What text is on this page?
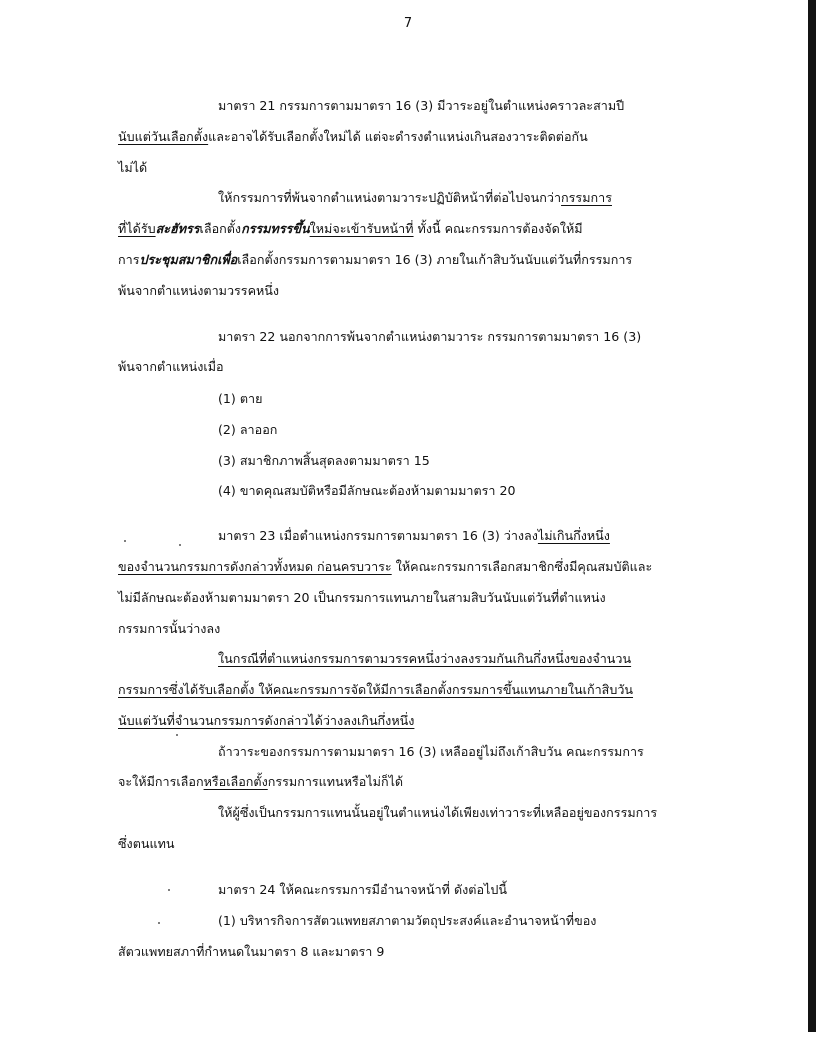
7
มาตรา 21 กรรมการตามมาตรา 16 (3) มีวาระอยู่ในตำแหน่งคราวละสามปี
นับแต่วันเลือกตั้งและอาจได้รับเลือกตั้งใหม่ได้ แต่จะดำรงตำแหน่งเกินสองวาระติดต่อกัน
ไม่ได้
ให้กรรมการที่พ้นจากตำแหน่งตามวาระปฏิบัติหน้าที่ต่อไปจนกว่ากรรมการ
ที่ได้รับสะฮัทรรเลือกตั้งกรรมทรรขึ้นใหม่จะเข้ารับหน้าที่ ทั้งนี้ คณะกรรมการต้องจัดให้มี
การประชุมสมาชิกเพื่อเลือกตั้งกรรมการตามมาตรา 16 (3) ภายในเก้าสิบวันนับแต่วันที่กรรมการ
พ้นจากตำแหน่งตามวรรคหนึ่ง
มาตรา 22 นอกจากการพ้นจากตำแหน่งตามวาระ กรรมการตามมาตรา 16 (3)
พ้นจากตำแหน่งเมื่อ
(1) ตาย
(2) ลาออก
(3) สมาชิกภาพสิ้นสุดลงตามมาตรา 15
(4) ขาดคุณสมบัติหรือมีลักษณะต้องห้ามตามมาตรา 20
มาตรา 23 เมื่อตำแหน่งกรรมการตามมาตรา 16 (3) ว่างลงไม่เกินกึ่งหนึ่ง
ของจำนวนกรรมการดังกล่าวทั้งหมด ก่อนครบวาระ ให้คณะกรรมการเลือกสมาชิกซึ่งมีคุณสมบัติและ
ไม่มีลักษณะต้องห้ามตามมาตรา 20 เป็นกรรมการแทนภายในสามสิบวันนับแต่วันที่ตำแหน่ง
กรรมการนั้นว่างลง
ในกรณีที่ตำแหน่งกรรมการตามวรรคหนึ่งว่างลงรวมกันเกินกึ่งหนึ่งของจำนวน
กรรมการซึ่งได้รับเลือกตั้ง ให้คณะกรรมการจัดให้มีการเลือกตั้งกรรมการขึ้นแทนภายในเก้าสิบวัน
นับแต่วันที่จำนวนกรรมการดังกล่าวได้ว่างลงเกินกึ่งหนึ่ง
ถ้าวาระของกรรมการตามมาตรา 16 (3) เหลืออยู่ไม่ถึงเก้าสิบวัน คณะกรรมการ
จะให้มีการเลือกหรือเลือกตั้งกรรมการแทนหรือไม่ก็ได้
ให้ผู้ซึ่งเป็นกรรมการแทนนั้นอยู่ในตำแหน่งได้เพียงเท่าวาระที่เหลืออยู่ของกรรมการ
ซึ่งตนแทน
มาตรา 24 ให้คณะกรรมการมีอำนาจหน้าที่ ดังต่อไปนี้
(1) บริหารกิจการสัตวแพทยสภาตามวัตถุประสงค์และอำนาจหน้าที่ของ
สัตวแพทยสภาที่กำหนดในมาตรา 8 และมาตรา 9
